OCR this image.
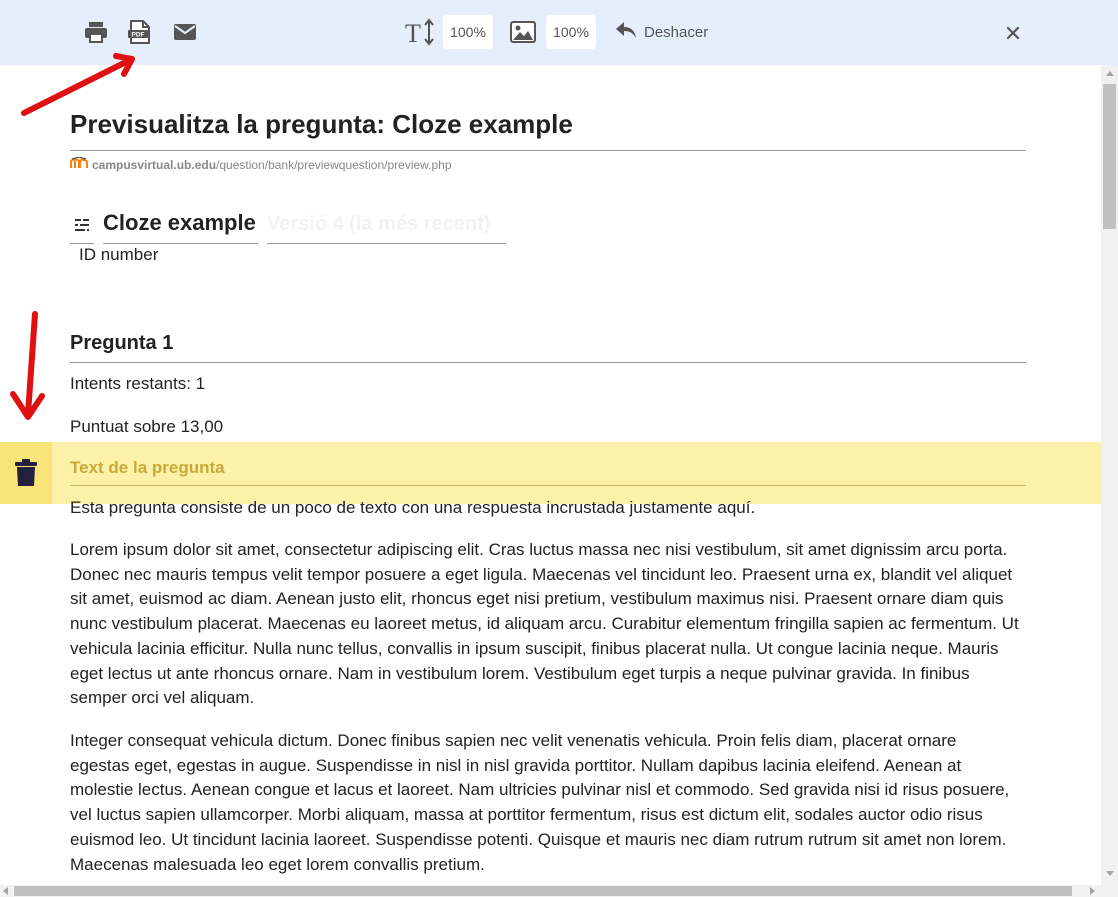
PDF	T	100%	100%	Deshacer
Previsualitza la pregunta: Cloze example
campusvirtual.ub.edu/question/bank/previewquestion/preview.php
Cloze example Versió 4 (la més recent)
ID number
Pregunta 1
Intents restants: 1
Puntuat sobre 13,00
Text de la pregunta

Esta pregunta consiste de un poco de texto con una respuesta incrustada justamente aquí.

Lorem ipsum dolor sit amet, consectetur adipiscing elit. Cras luctus massa nec nisi vestibulum, sit amet dignissim arcu porta. Donec nec mauris tempus velit tempor posuere a eget ligula. Maecenas vel tincidunt leo. Praesent urna ex, blandit vel aliquet sit amet, euismod ac diam. Aenean justo elit, rhoncus eget nisi pretium, vestibulum maximus nisi. Praesent ornare diam quis nunc vestibulum placerat. Maecenas eu laoreet metus, id aliquam arcu. Curabitur elementum fringilla sapien ac fermentum. Ut vehicula lacinia efficitur. Nulla nunc tellus, convallis in ipsum suscipit, finibus placerat nulla. Ut congue lacinia neque. Mauris eget lectus ut ante rhoncus ornare. Nam in vestibulum lorem. Vestibulum eget turpis a neque pulvinar gravida. In finibus semper orci vel aliquam.

Integer consequat vehicula dictum. Donec finibus sapien nec velit venenatis vehicula. Proin felis diam, placerat ornare egestas eget, egestas in augue. Suspendisse in nisl in nisl gravida porttitor. Nullam dapibus lacinia eleifend. Aenean at molestie lectus. Aenean congue et lacus et laoreet. Nam ultricies pulvinar nisl et commodo. Sed gravida nisi id risus posuere, vel luctus sapien ullamcorper. Morbi aliquam, massa at porttitor fermentum, risus est dictum elit, sodales auctor odio risus euismod leo. Ut tincidunt lacinia laoreet. Suspendisse potenti. Quisque et mauris nec diam rutrum rutrum sit amet non lorem. Maecenas malesuada leo eget lorem convallis pretium.
